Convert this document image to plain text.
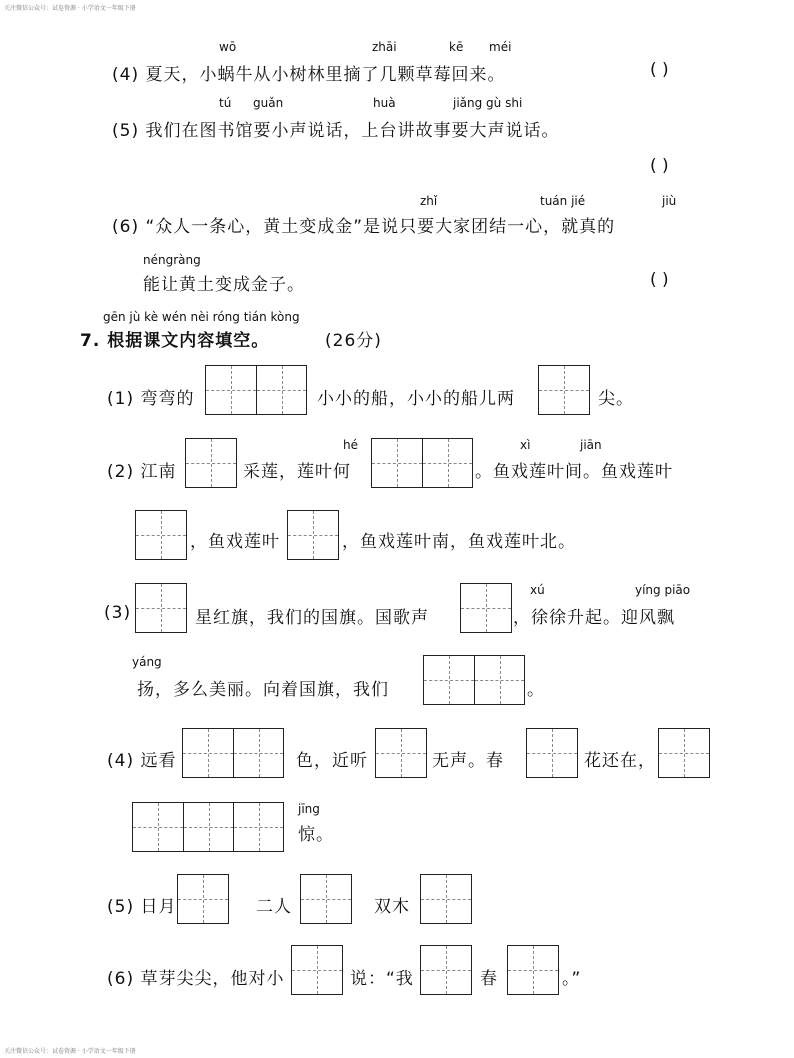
关注微信公众号：试卷资源 · 小学语文一年级下册
wō	zhāi	kē méi
(4) 夏天，小蜗牛从小树林里摘了几颗草莓回来。	( )
tú guǎn	huà	jiǎng gù shi
(5) 我们在图书馆要小声说话，上台讲故事要大声说话。
( )
zhǐ	tuán jié	jiù
(6) “众人一条心，黄土变成金”是说只要大家团结一心，就真的
néngràng
能让黄土变成金子。	( )
gēn jù kè wén nèi róng tián kòng
7. 根据课文内容填空。	(26分)
(1) 弯弯的	小小的船，小小的船儿两	尖。
(2) 江南	采莲，莲叶何
hé	xì	jiān
。鱼戏莲叶间。鱼戏莲叶
，鱼戏莲叶	，鱼戏莲叶南，鱼戏莲叶北。
(3)	星红旗，我们的国旗。国歌声
xú	yíng piāo
，徐徐升起。迎风飘
yáng
扬，多么美丽。向着国旗，我们	。
(4) 远看	色，近听	无声。春	花还在，
jīng
惊。
(5) 日月	二人	双木
(6) 草芽尖尖，他对小	说：“我	春	。”
关注微信公众号：试卷资源 · 小学语文一年级下册
